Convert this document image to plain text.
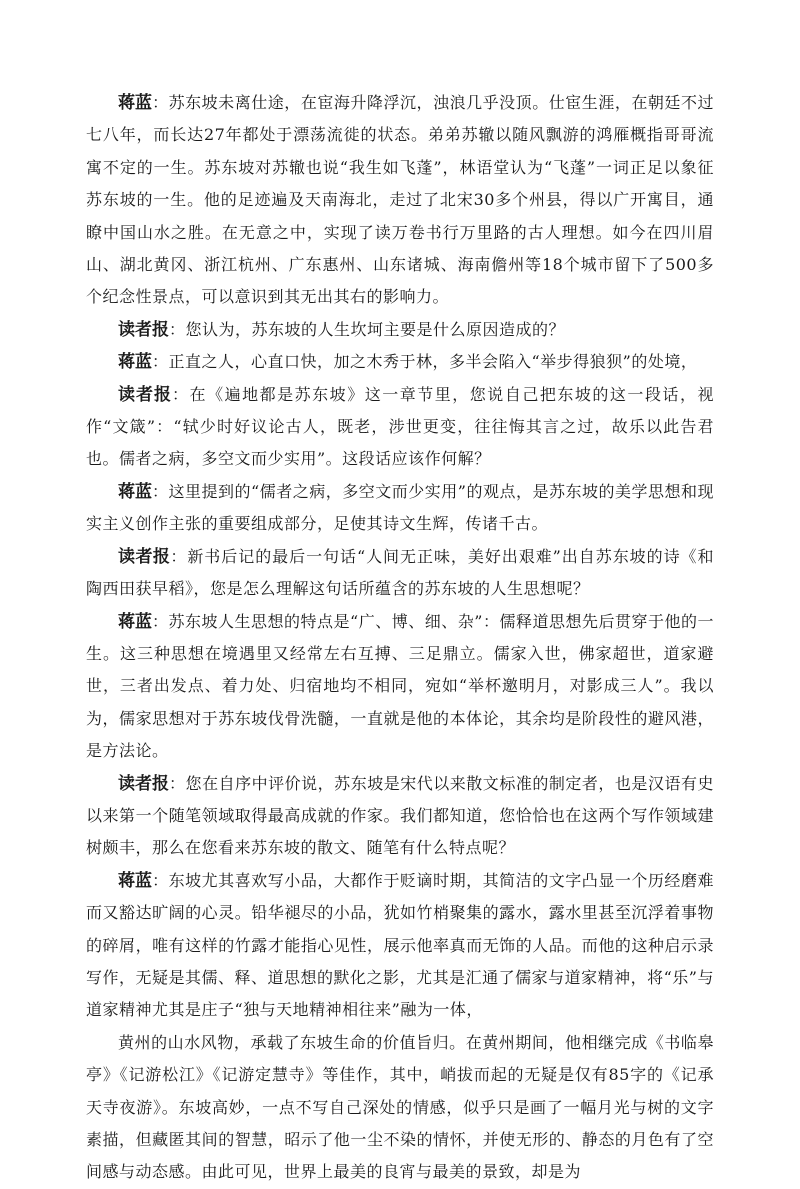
蒋蓝：苏东坡未离仕途，在宦海升降浮沉，浊浪几乎没顶。仕宦生涯，在朝廷不过七八年，而长达27年都处于漂荡流徙的状态。弟弟苏辙以随风飘游的鸿雁概指哥哥流寓不定的一生。苏东坡对苏辙也说“我生如飞蓬”，林语堂认为“飞蓬”一词正足以象征苏东坡的一生。他的足迹遍及天南海北，走过了北宋30多个州县，得以广开寓目，通瞭中国山水之胜。在无意之中，实现了读万卷书行万里路的古人理想。如今在四川眉山、湖北黄冈、浙江杭州、广东惠州、山东诸城、海南儋州等18个城市留下了500多个纪念性景点，可以意识到其无出其右的影响力。

读者报：您认为，苏东坡的人生坎坷主要是什么原因造成的？

蒋蓝：正直之人，心直口快，加之木秀于林，多半会陷入“举步得狼狈”的处境，

读者报：在《遍地都是苏东坡》这一章节里，您说自己把东坡的这一段话，视作“文箴”：“轼少时好议论古人，既老，涉世更变，往往悔其言之过，故乐以此告君也。儒者之病，多空文而少实用”。这段话应该作何解？

蒋蓝：这里提到的“儒者之病，多空文而少实用”的观点，是苏东坡的美学思想和现实主义创作主张的重要组成部分，足使其诗文生辉，传诸千古。

读者报：新书后记的最后一句话“人间无正味，美好出艰难”出自苏东坡的诗《和陶西田获早稻》，您是怎么理解这句话所蕴含的苏东坡的人生思想呢？

蒋蓝：苏东坡人生思想的特点是“广、博、细、杂”：儒释道思想先后贯穿于他的一生。这三种思想在境遇里又经常左右互搏、三足鼎立。儒家入世，佛家超世，道家避世，三者出发点、着力处、归宿地均不相同，宛如“举杯邀明月，对影成三人”。我以为，儒家思想对于苏东坡伐骨洗髓，一直就是他的本体论，其余均是阶段性的避风港，是方法论。

读者报：您在自序中评价说，苏东坡是宋代以来散文标准的制定者，也是汉语有史以来第一个随笔领域取得最高成就的作家。我们都知道，您恰恰也在这两个写作领域建树颇丰，那么在您看来苏东坡的散文、随笔有什么特点呢？

蒋蓝：东坡尤其喜欢写小品，大都作于贬谪时期，其简洁的文字凸显一个历经磨难而又豁达旷阔的心灵。铅华褪尽的小品，犹如竹梢聚集的露水，露水里甚至沉浮着事物的碎屑，唯有这样的竹露才能指心见性，展示他率真而无饰的人品。而他的这种启示录写作，无疑是其儒、释、道思想的默化之影，尤其是汇通了儒家与道家精神，将“乐”与道家精神尤其是庄子“独与天地精神相往来”融为一体，

黄州的山水风物，承载了东坡生命的价值旨归。在黄州期间，他相继完成《书临皋亭》《记游松江》《记游定慧寺》等佳作，其中，峭拔而起的无疑是仅有85字的《记承天寺夜游》。东坡高妙，一点不写自己深处的情感，似乎只是画了一幅月光与树的文字素描，但藏匿其间的智慧，昭示了他一尘不染的情怀，并使无形的、静态的月色有了空间感与动态感。由此可见，世界上最美的良宵与最美的景致，却是为
